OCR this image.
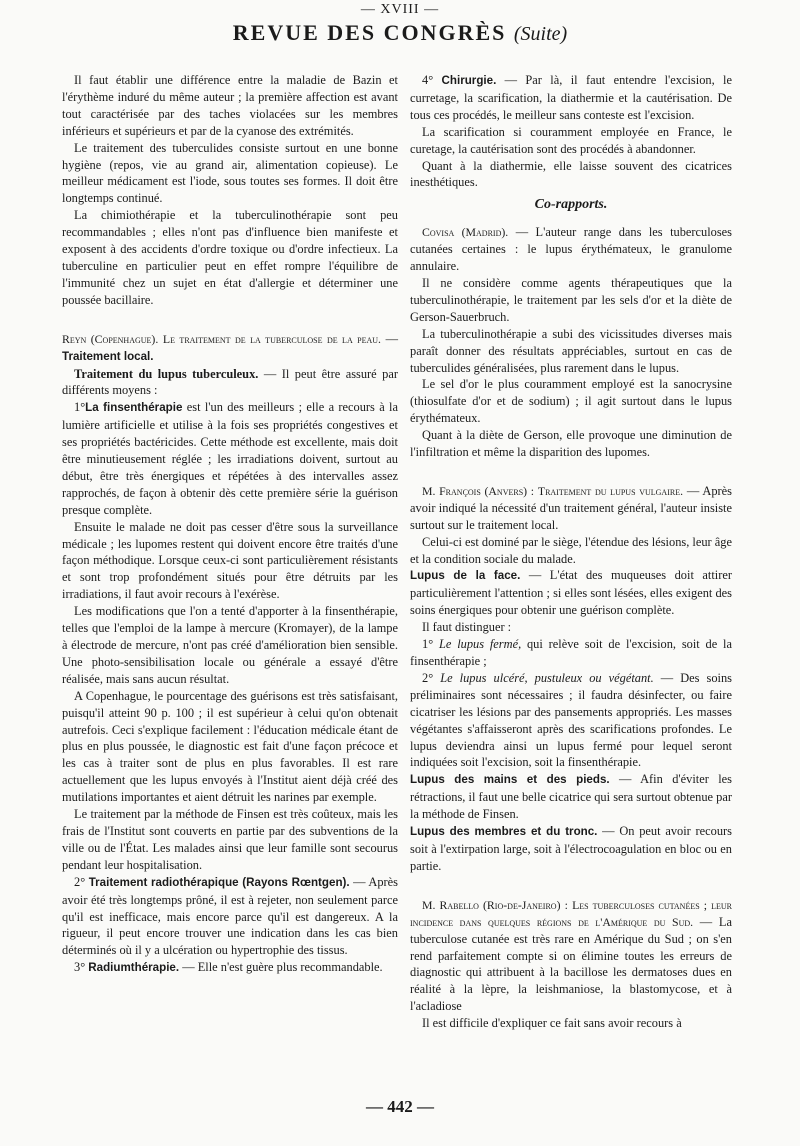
— XVIII —
REVUE DES CONGRÈS (Suite)

Il faut établir une différence entre la maladie de Bazin et l'érythème induré du même auteur ; la première affection est avant tout caractérisée par des taches violacées sur les membres inférieurs et supérieurs et par de la cyanose des extrémités.

Le traitement des tuberculides consiste surtout en une bonne hygiène (repos, vie au grand air, alimentation copieuse). Le meilleur médicament est l'iode, sous toutes ses formes. Il doit être longtemps continué.

La chimiothérapie et la tuberculinothérapie sont peu recommandables ; elles n'ont pas d'influence bien manifeste et exposent à des accidents d'ordre toxique ou d'ordre infectieux. La tuberculine en particulier peut en effet rompre l'équilibre de l'immunité chez un sujet en état d'allergie et déterminer une poussée bacillaire.

Reyn (Copenhague). Le traitement de la tuberculose de la peau. — Traitement local.

Traitement du lupus tuberculeux. — Il peut être assuré par différents moyens :

1°La finsenthérapie est l'un des meilleurs ; elle a recours à la lumière artificielle et utilise à la fois ses propriétés congestives et ses propriétés bactéricides. Cette méthode est excellente, mais doit être minutieusement réglée ; les irradiations doivent, surtout au début, être très énergiques et répétées à des intervalles assez rapprochés, de façon à obtenir dès cette première série la guérison presque complète.

Ensuite le malade ne doit pas cesser d'être sous la surveillance médicale ; les lupomes restent qui doivent encore être traités d'une façon méthodique. Lorsque ceux-ci sont particulièrement résistants et sont trop profondément situés pour être détruits par les irradiations, il faut avoir recours à l'exérèse.

Les modifications que l'on a tenté d'apporter à la finsenthérapie, telles que l'emploi de la lampe à mercure (Kromayer), de la lampe à électrode de mercure, n'ont pas créé d'amélioration bien sensible. Une photo-sensibilisation locale ou générale a essayé d'être réalisée, mais sans aucun résultat.

A Copenhague, le pourcentage des guérisons est très satisfaisant, puisqu'il atteint 90 p. 100 ; il est supérieur à celui qu'on obtenait autrefois. Ceci s'explique facilement : l'éducation médicale étant de plus en plus poussée, le diagnostic est fait d'une façon précoce et les cas à traiter sont de plus en plus favorables. Il est rare actuellement que les lupus envoyés à l'Institut aient déjà créé des mutilations importantes et aient détruit les narines par exemple.

Le traitement par la méthode de Finsen est très coûteux, mais les frais de l'Institut sont couverts en partie par des subventions de la ville ou de l'État. Les malades ainsi que leur famille sont secourus pendant leur hospitalisation.

2° Traitement radiothérapique (Rayons Rœntgen). — Après avoir été très longtemps prôné, il est à rejeter, non seulement parce qu'il est inefficace, mais encore parce qu'il est dangereux. A la rigueur, il peut encore trouver une indication dans les cas bien déterminés où il y a ulcération ou hypertrophie des tissus.

3° Radiumthérapie. — Elle n'est guère plus recommandable.

4° Chirurgie. — Par là, il faut entendre l'excision, le curretage, la scarification, la diathermie et la cautérisation. De tous ces procédés, le meilleur sans conteste est l'excision.

La scarification si couramment employée en France, le curetage, la cautérisation sont des procédés à abandonner.

Quant à la diathermie, elle laisse souvent des cicatrices inesthétiques.

Co-rapports.

Covisa (Madrid). — L'auteur range dans les tuberculoses cutanées certaines : le lupus érythémateux, le granulome annulaire.

Il ne considère comme agents thérapeutiques que la tuberculinothérapie, le traitement par les sels d'or et la diète de Gerson-Sauerbruch.

La tuberculinothérapie a subi des vicissitudes diverses mais paraît donner des résultats appréciables, surtout en cas de tuberculides généralisées, plus rarement dans le lupus.

Le sel d'or le plus couramment employé est la sanocrysine (thiosulfate d'or et de sodium) ; il agit surtout dans le lupus érythémateux.

Quant à la diète de Gerson, elle provoque une diminution de l'infiltration et même la disparition des lupomes.

M. François (Anvers) : Traitement du lupus vulgaire. — Après avoir indiqué la nécessité d'un traitement général, l'auteur insiste surtout sur le traitement local.

Celui-ci est dominé par le siège, l'étendue des lésions, leur âge et la condition sociale du malade.

Lupus de la face. — L'état des muqueuses doit attirer particulièrement l'attention ; si elles sont lésées, elles exigent des soins énergiques pour obtenir une guérison complète.

Il faut distinguer :

1° Le lupus fermé, qui relève soit de l'excision, soit de la finsenthérapie ;

2° Le lupus ulcéré, pustuleux ou végétant. — Des soins préliminaires sont nécessaires ; il faudra désinfecter, ou faire cicatriser les lésions par des pansements appropriés. Les masses végétantes s'affaisseront après des scarifications profondes. Le lupus deviendra ainsi un lupus fermé pour lequel seront indiquées soit l'excision, soit la finsenthérapie.

Lupus des mains et des pieds. — Afin d'éviter les rétractions, il faut une belle cicatrice qui sera surtout obtenue par la méthode de Finsen.

Lupus des membres et du tronc. — On peut avoir recours soit à l'extirpation large, soit à l'électrocoagulation en bloc ou en partie.

M. Rabello (Rio-de-Janeiro) : Les tuberculoses cutanées ; leur incidence dans quelques régions de l'Amérique du Sud. — La tuberculose cutanée est très rare en Amérique du Sud ; on s'en rend parfaitement compte si on élimine toutes les erreurs de diagnostic qui attribuent à la bacillose les dermatoses dues en réalité à la lèpre, la leishmaniose, la blastomycose, et à l'acladiose

Il est difficile d'expliquer ce fait sans avoir recours à

— 442 —
